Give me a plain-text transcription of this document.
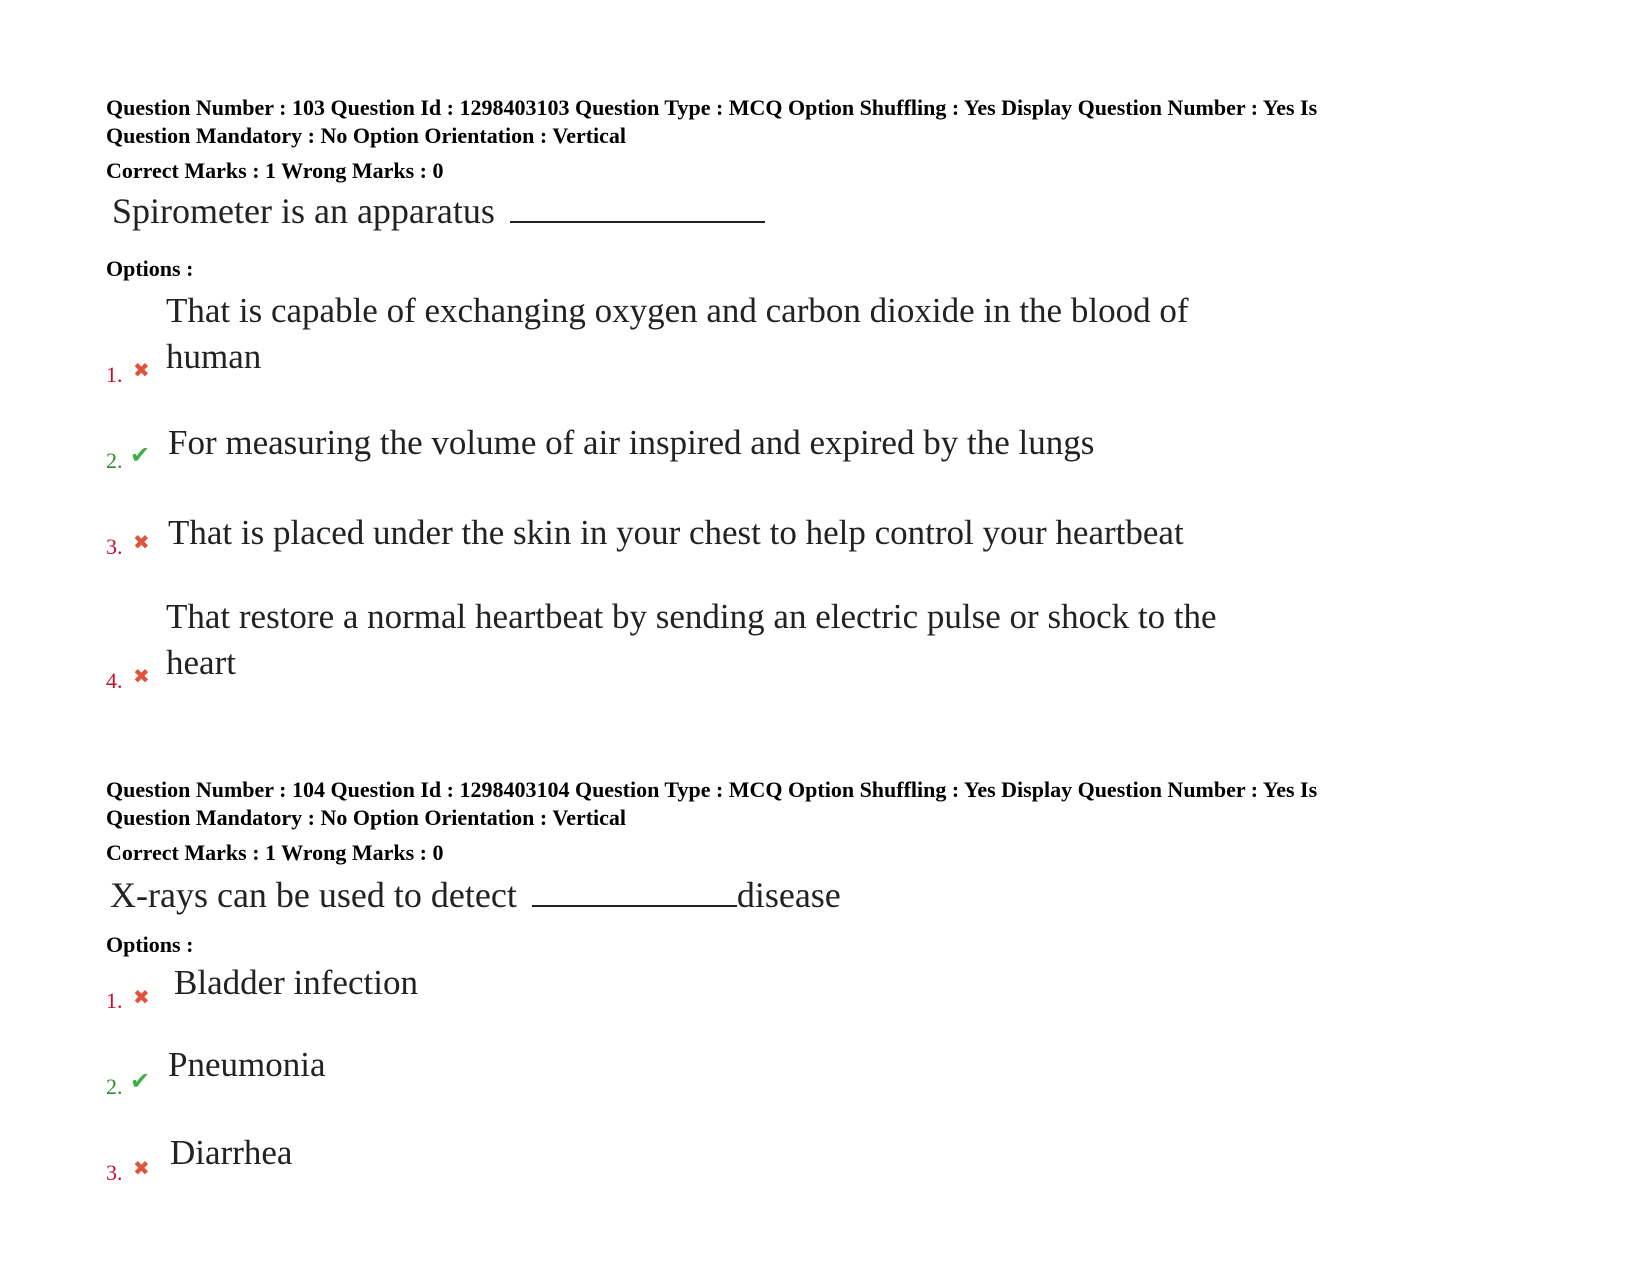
Question Number : 103 Question Id : 1298403103 Question Type : MCQ Option Shuffling : Yes Display Question Number : Yes Is
Question Mandatory : No Option Orientation : Vertical
Correct Marks : 1 Wrong Marks : 0
Spirometer is an apparatus
Options :
That is capable of exchanging oxygen and carbon dioxide in the blood of
human
1. ✖
For measuring the volume of air inspired and expired by the lungs
2. ✔
That is placed under the skin in your chest to help control your heartbeat
3. ✖
That restore a normal heartbeat by sending an electric pulse or shock to the
heart
4. ✖
Question Number : 104 Question Id : 1298403104 Question Type : MCQ Option Shuffling : Yes Display Question Number : Yes Is
Question Mandatory : No Option Orientation : Vertical
Correct Marks : 1 Wrong Marks : 0
X-rays can be used to detect	disease
Options :
Bladder infection
1. ✖
Pneumonia
2. ✔
Diarrhea
3. ✖
